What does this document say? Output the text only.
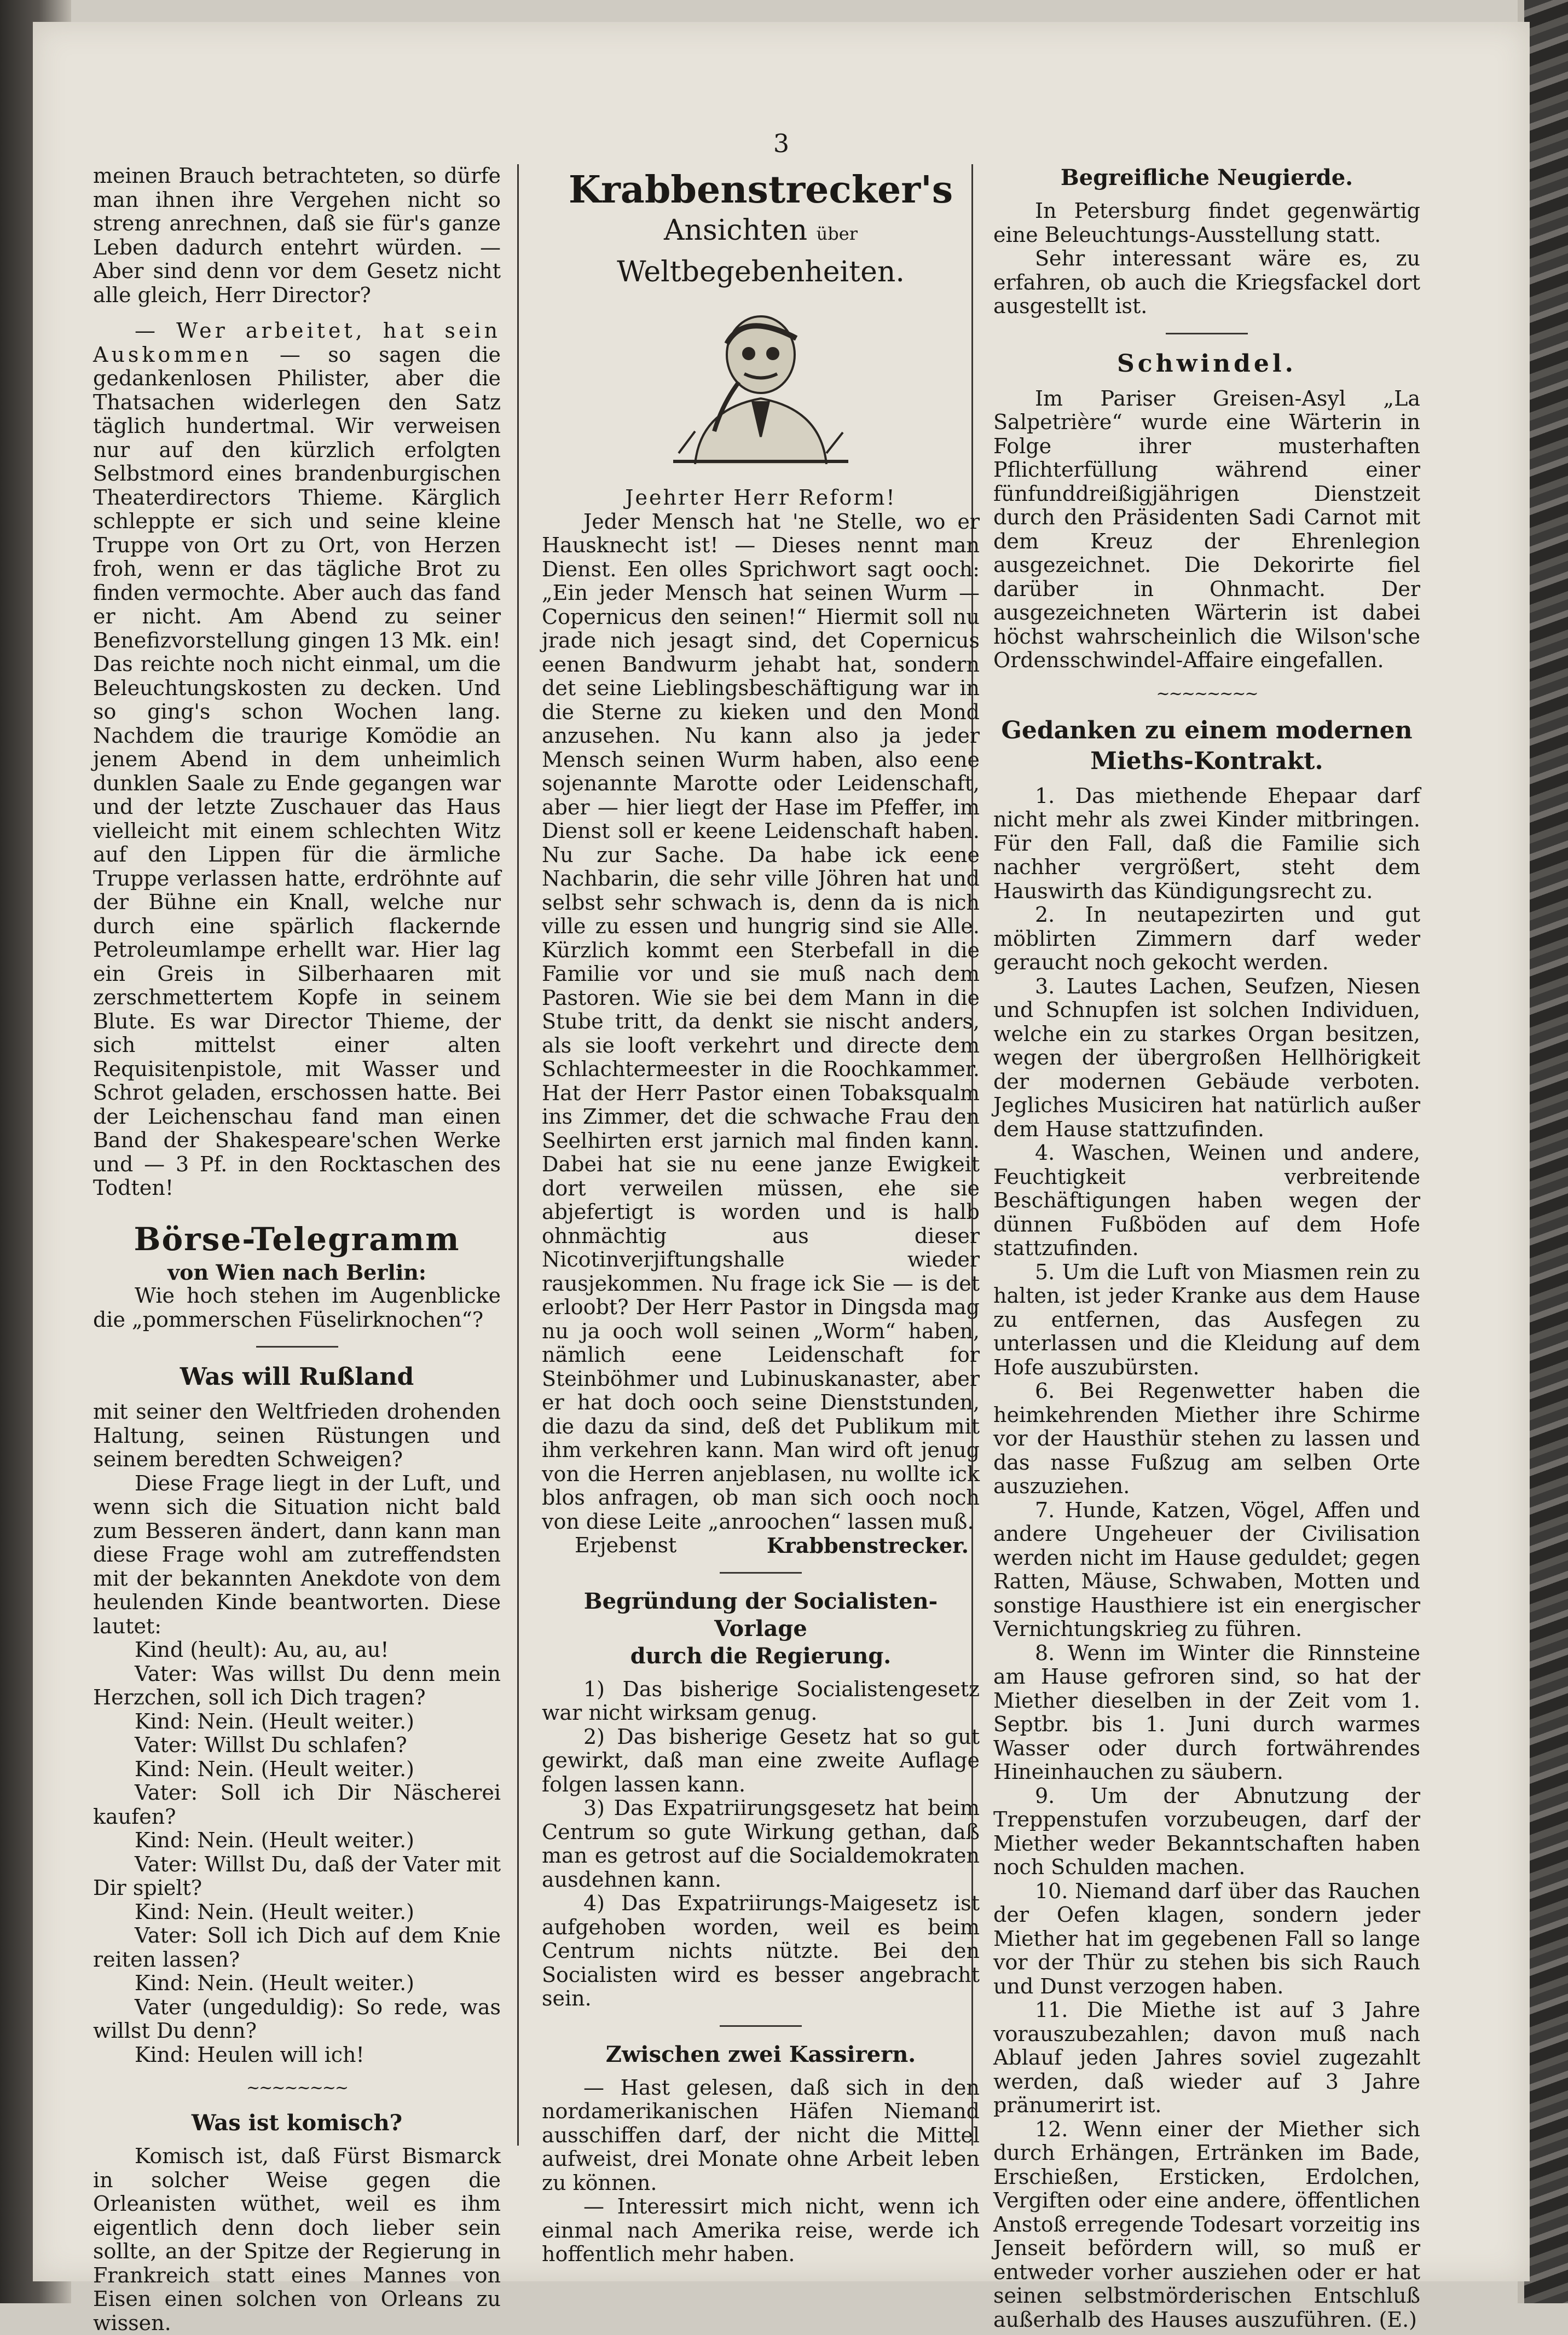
3

meinen Brauch betrachteten, so dürfe man ihnen ihre Vergehen nicht so streng anrechnen, daß sie für's ganze Leben dadurch entehrt würden. — Aber sind denn vor dem Gesetz nicht alle gleich, Herr Director?

— Wer arbeitet, hat sein Auskommen — so sagen die gedankenlosen Philister, aber die Thatsachen widerlegen den Satz täglich hundertmal. Wir verweisen nur auf den kürzlich erfolgten Selbstmord eines brandenburgischen Theaterdirectors Thieme. Kärglich schleppte er sich und seine kleine Truppe von Ort zu Ort, von Herzen froh, wenn er das tägliche Brot zu finden vermochte. Aber auch das fand er nicht. Am Abend zu seiner Benefizvorstellung gingen 13 Mk. ein! Das reichte noch nicht einmal, um die Beleuchtungskosten zu decken. Und so ging's schon Wochen lang. Nachdem die traurige Komödie an jenem Abend in dem unheimlich dunklen Saale zu Ende gegangen war und der letzte Zuschauer das Haus vielleicht mit einem schlechten Witz auf den Lippen für die ärmliche Truppe verlassen hatte, erdröhnte auf der Bühne ein Knall, welche nur durch eine spärlich flackernde Petroleumlampe erhellt war. Hier lag ein Greis in Silberhaaren mit zerschmettertem Kopfe in seinem Blute. Es war Director Thieme, der sich mittelst einer alten Requisitenpistole, mit Wasser und Schrot geladen, erschossen hatte. Bei der Leichenschau fand man einen Band der Shakespeare'schen Werke und — 3 Pf. in den Rocktaschen des Todten!

Börse-Telegramm

von Wien nach Berlin:

Wie hoch stehen im Augenblicke die „pommerschen Füselirknochen“?

Was will Rußland

mit seiner den Weltfrieden drohenden Haltung, seinen Rüstungen und seinem beredten Schweigen?

Diese Frage liegt in der Luft, und wenn sich die Situation nicht bald zum Besseren ändert, dann kann man diese Frage wohl am zutreffendsten mit der bekannten Anekdote von dem heulenden Kinde beantworten. Diese lautet:

Kind (heult): Au, au, au!

Vater: Was willst Du denn mein Herzchen, soll ich Dich tragen?

Kind: Nein. (Heult weiter.)

Vater: Willst Du schlafen?

Kind: Nein. (Heult weiter.)

Vater: Soll ich Dir Näscherei kaufen?

Kind: Nein. (Heult weiter.)

Vater: Willst Du, daß der Vater mit Dir spielt?

Kind: Nein. (Heult weiter.)

Vater: Soll ich Dich auf dem Knie reiten lassen?

Kind: Nein. (Heult weiter.)

Vater (ungeduldig): So rede, was willst Du denn?

Kind: Heulen will ich!

~~~~~~~~
Was ist komisch?

Komisch ist, daß Fürst Bismarck in solcher Weise gegen die Orleanisten wüthet, weil es ihm eigentlich denn doch lieber sein sollte, an der Spitze der Regierung in Frankreich statt eines Mannes von Eisen einen solchen von Orleans zu wissen.

Krabbenstrecker's
Ansichten über Weltbegebenheiten.

Jeehrter Herr Reform!

Jeder Mensch hat 'ne Stelle, wo er Hausknecht ist! — Dieses nennt man Dienst. Een olles Sprichwort sagt ooch: „Ein jeder Mensch hat seinen Wurm — Copernicus den seinen!“ Hiermit soll nu jrade nich jesagt sind, det Copernicus eenen Bandwurm jehabt hat, sondern det seine Lieblingsbeschäftigung war in die Sterne zu kieken und den Mond anzusehen. Nu kann also ja jeder Mensch seinen Wurm haben, also eene sojenannte Marotte oder Leidenschaft, aber — hier liegt der Hase im Pfeffer, im Dienst soll er keene Leidenschaft haben. Nu zur Sache. Da habe ick eene Nachbarin, die sehr ville Jöhren hat und selbst sehr schwach is, denn da is nich ville zu essen und hungrig sind sie Alle. Kürzlich kommt een Sterbefall in die Familie vor und sie muß nach dem Pastoren. Wie sie bei dem Mann in die Stube tritt, da denkt sie nischt anders, als sie looft verkehrt und directe dem Schlachtermeester in die Roochkammer. Hat der Herr Pastor einen Tobaksqualm ins Zimmer, det die schwache Frau den Seelhirten erst jarnich mal finden kann. Dabei hat sie nu eene janze Ewigkeit dort verweilen müssen, ehe sie abjefertigt is worden und is halb ohnmächtig aus dieser Nicotinverjiftungshalle wieder rausjekommen. Nu frage ick Sie — is det erloobt? Der Herr Pastor in Dingsda mag nu ja ooch woll seinen „Worm“ haben, nämlich eene Leidenschaft for Steinböhmer und Lubinuskanaster, aber er hat doch ooch seine Dienststunden, die dazu da sind, deß det Publikum mit ihm verkehren kann. Man wird oft jenug von die Herren anjeblasen, nu wollte ick blos anfragen, ob man sich ooch noch von diese Leite „anroochen“ lassen muß.

Erjebenst	Krabbenstrecker.

Begründung der Socialisten-Vorlage
durch die Regierung.

1) Das bisherige Socialistengesetz war nicht wirksam genug.

2) Das bisherige Gesetz hat so gut gewirkt, daß man eine zweite Auflage folgen lassen kann.

3) Das Expatriirungsgesetz hat beim Centrum so gute Wirkung gethan, daß man es getrost auf die Socialdemokraten ausdehnen kann.

4) Das Expatriirungs-Maigesetz ist aufgehoben worden, weil es beim Centrum nichts nützte. Bei den Socialisten wird es besser angebracht sein.

Zwischen zwei Kassirern.

— Hast gelesen, daß sich in den nordamerikanischen Häfen Niemand ausschiffen darf, der nicht die Mittel aufweist, drei Monate ohne Arbeit leben zu können.

— Interessirt mich nicht, wenn ich einmal nach Amerika reise, werde ich hoffentlich mehr haben.

Begreifliche Neugierde.

In Petersburg findet gegenwärtig eine Beleuchtungs-Ausstellung statt.

Sehr interessant wäre es, zu erfahren, ob auch die Kriegsfackel dort ausgestellt ist.

Schwindel.

Im Pariser Greisen-Asyl „La Salpetrière“ wurde eine Wärterin in Folge ihrer musterhaften Pflichterfüllung während einer fünfunddreißigjährigen Dienstzeit durch den Präsidenten Sadi Carnot mit dem Kreuz der Ehrenlegion ausgezeichnet. Die Dekorirte fiel darüber in Ohnmacht. Der ausgezeichneten Wärterin ist dabei höchst wahrscheinlich die Wilson'sche Ordensschwindel-Affaire eingefallen.

~~~~~~~~
Gedanken zu einem modernen
Mieths-Kontrakt.

1. Das miethende Ehepaar darf nicht mehr als zwei Kinder mitbringen. Für den Fall, daß die Familie sich nachher vergrößert, steht dem Hauswirth das Kündigungsrecht zu.

2. In neutapezirten und gut möblirten Zimmern darf weder geraucht noch gekocht werden.

3. Lautes Lachen, Seufzen, Niesen und Schnupfen ist solchen Individuen, welche ein zu starkes Organ besitzen, wegen der übergroßen Hellhörigkeit der modernen Gebäude verboten. Jegliches Musiciren hat natürlich außer dem Hause stattzufinden.

4. Waschen, Weinen und andere, Feuchtigkeit verbreitende Beschäftigungen haben wegen der dünnen Fußböden auf dem Hofe stattzufinden.

5. Um die Luft von Miasmen rein zu halten, ist jeder Kranke aus dem Hause zu entfernen, das Ausfegen zu unterlassen und die Kleidung auf dem Hofe auszubürsten.

6. Bei Regenwetter haben die heimkehrenden Miether ihre Schirme vor der Hausthür stehen zu lassen und das nasse Fußzug am selben Orte auszuziehen.

7. Hunde, Katzen, Vögel, Affen und andere Ungeheuer der Civilisation werden nicht im Hause geduldet; gegen Ratten, Mäuse, Schwaben, Motten und sonstige Hausthiere ist ein energischer Vernichtungskrieg zu führen.

8. Wenn im Winter die Rinnsteine am Hause gefroren sind, so hat der Miether dieselben in der Zeit vom 1. Septbr. bis 1. Juni durch warmes Wasser oder durch fortwährendes Hineinhauchen zu säubern.

9. Um der Abnutzung der Treppenstufen vorzubeugen, darf der Miether weder Bekanntschaften haben noch Schulden machen.

10. Niemand darf über das Rauchen der Oefen klagen, sondern jeder Miether hat im gegebenen Fall so lange vor der Thür zu stehen bis sich Rauch und Dunst verzogen haben.

11. Die Miethe ist auf 3 Jahre vorauszubezahlen; davon muß nach Ablauf jeden Jahres soviel zugezahlt werden, daß wieder auf 3 Jahre pränumerirt ist.

12. Wenn einer der Miether sich durch Erhängen, Ertränken im Bade, Erschießen, Ersticken, Erdolchen, Vergiften oder eine andere, öffentlichen Anstoß erregende Todesart vorzeitig ins Jenseit befördern will, so muß er entweder vorher ausziehen oder er hat seinen selbstmörderischen Entschluß außerhalb des Hauses auszuführen. (E.)
